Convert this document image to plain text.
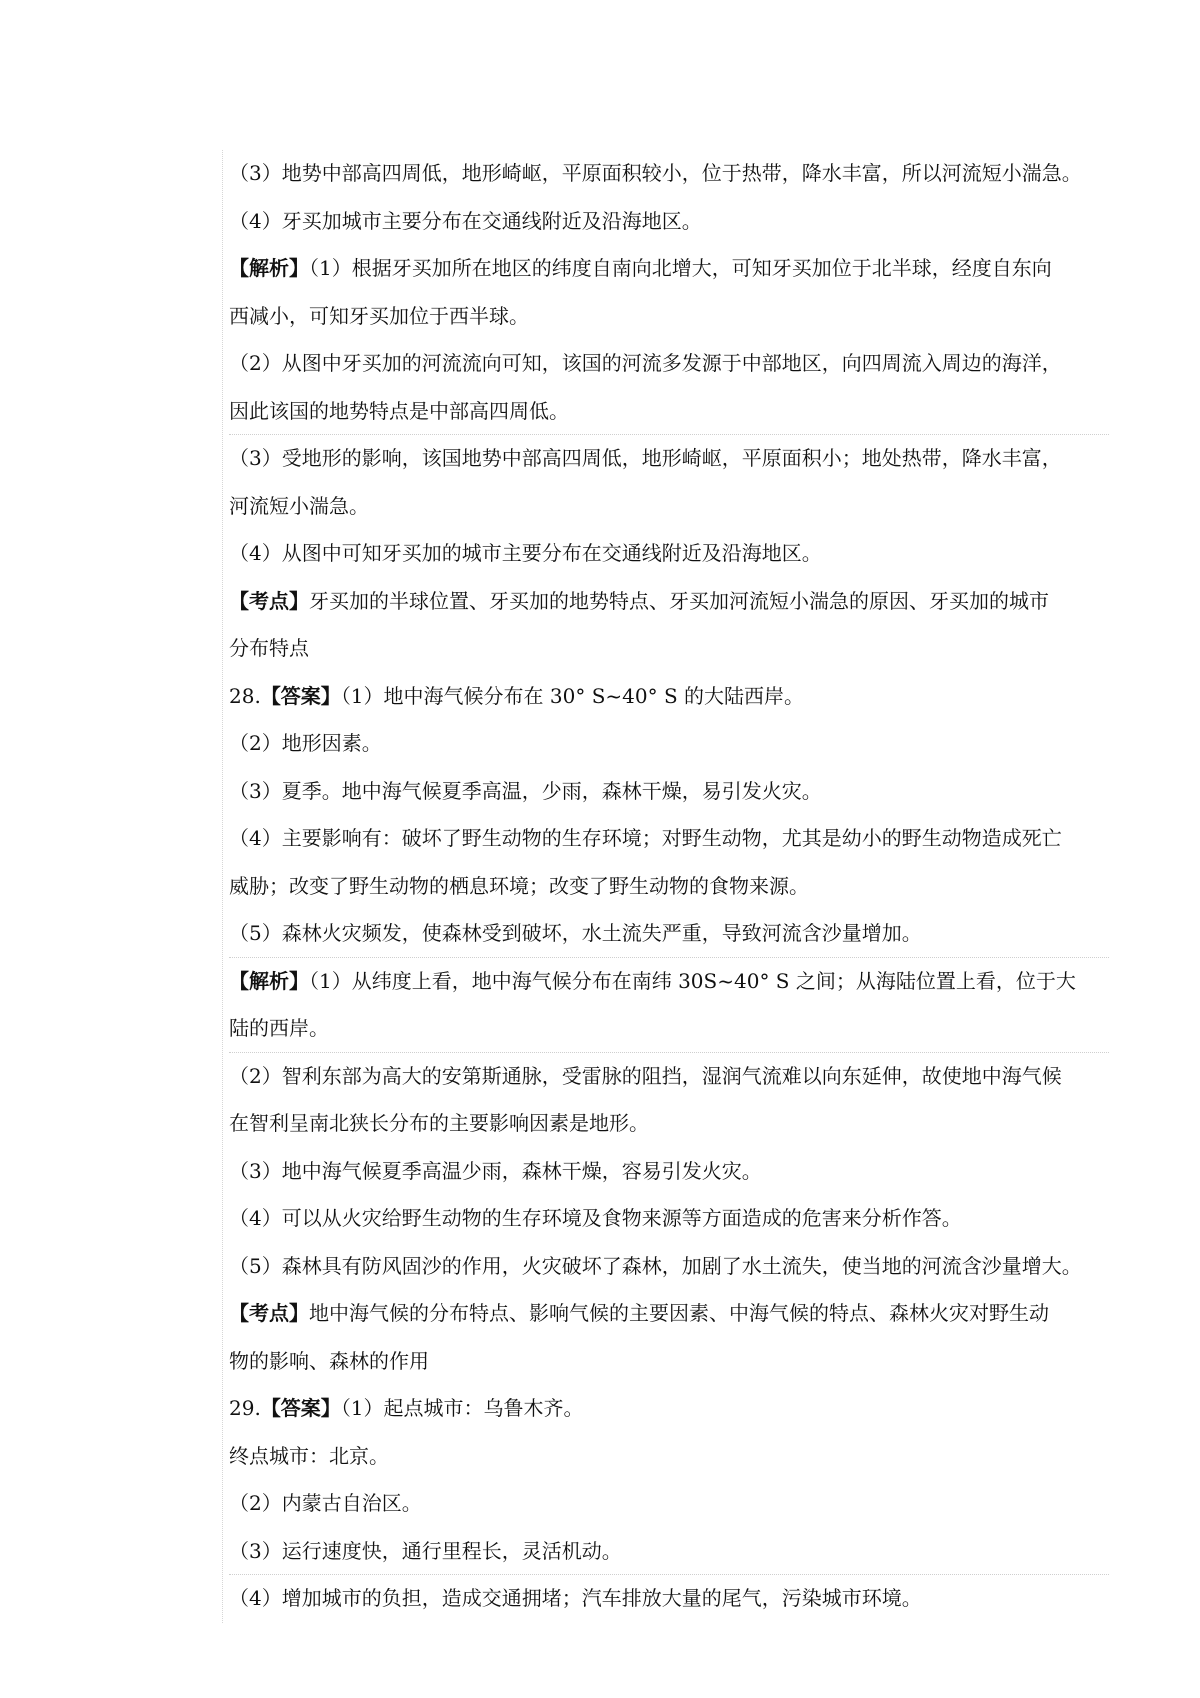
（3）地势中部高四周低，地形崎岖，平原面积较小，位于热带，降水丰富，所以河流短小湍急。
（4）牙买加城市主要分布在交通线附近及沿海地区。
【解析】（1）根据牙买加所在地区的纬度自南向北增大，可知牙买加位于北半球，经度自东向
西减小，可知牙买加位于西半球。
（2）从图中牙买加的河流流向可知，该国的河流多发源于中部地区，向四周流入周边的海洋，
因此该国的地势特点是中部高四周低。
（3）受地形的影响，该国地势中部高四周低，地形崎岖，平原面积小；地处热带，降水丰富，
河流短小湍急。
（4）从图中可知牙买加的城市主要分布在交通线附近及沿海地区。
【考点】牙买加的半球位置、牙买加的地势特点、牙买加河流短小湍急的原因、牙买加的城市
分布特点
28.【答案】（1）地中海气候分布在 30° S~40° S 的大陆西岸。
（2）地形因素。
（3）夏季。地中海气候夏季高温，少雨，森林干燥，易引发火灾。
（4）主要影响有：破坏了野生动物的生存环境；对野生动物，尤其是幼小的野生动物造成死亡
威胁；改变了野生动物的栖息环境；改变了野生动物的食物来源。
（5）森林火灾频发，使森林受到破坏，水土流失严重，导致河流含沙量增加。
【解析】（1）从纬度上看，地中海气候分布在南纬 30S~40° S 之间；从海陆位置上看，位于大
陆的西岸。
（2）智利东部为高大的安第斯通脉，受雷脉的阻挡，湿润气流难以向东延伸，故使地中海气候
在智利呈南北狭长分布的主要影响因素是地形。
（3）地中海气候夏季高温少雨，森林干燥，容易引发火灾。
（4）可以从火灾给野生动物的生存环境及食物来源等方面造成的危害来分析作答。
（5）森林具有防风固沙的作用，火灾破坏了森林，加剧了水土流失，使当地的河流含沙量增大。
【考点】地中海气候的分布特点、影响气候的主要因素、中海气候的特点、森林火灾对野生动
物的影响、森林的作用
29.【答案】（1）起点城市：乌鲁木齐。
终点城市：北京。
（2）内蒙古自治区。
（3）运行速度快，通行里程长，灵活机动。
（4）增加城市的负担，造成交通拥堵；汽车排放大量的尾气，污染城市环境。
